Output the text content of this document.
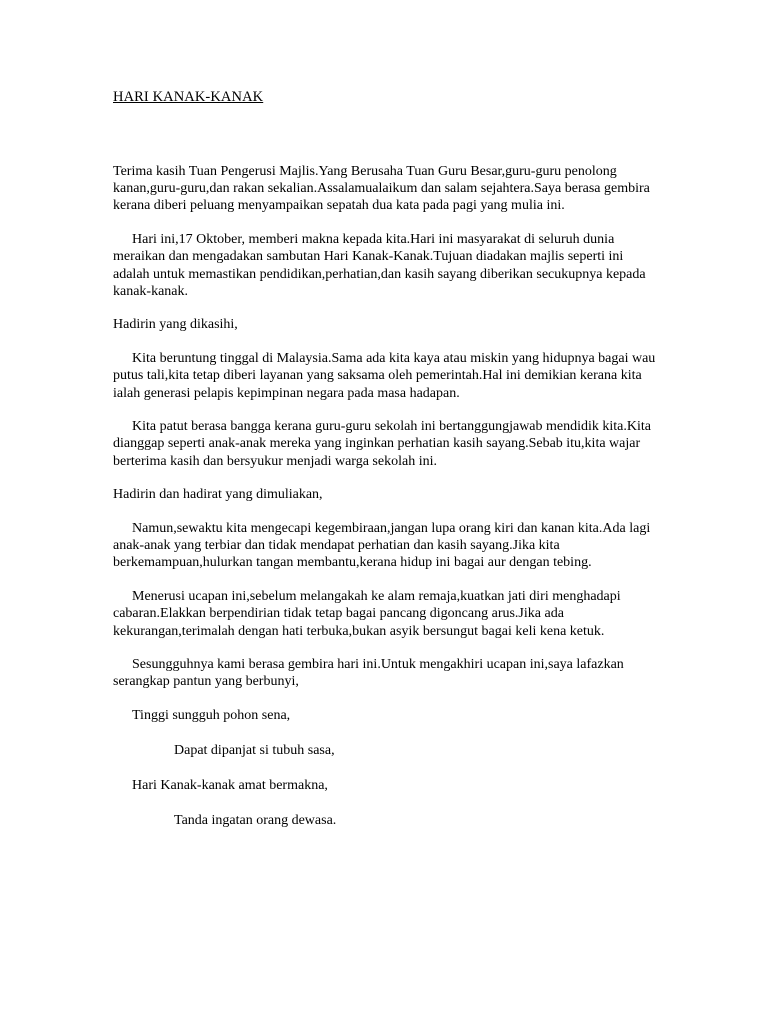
HARI KANAK-KANAK

Terima kasih Tuan Pengerusi Majlis.Yang Berusaha Tuan Guru Besar,guru-guru penolong kanan,guru-guru,dan rakan sekalian.Assalamualaikum dan salam sejahtera.Saya berasa gembira kerana diberi peluang menyampaikan sepatah dua kata pada pagi yang mulia ini.

Hari ini,17 Oktober, memberi makna kepada kita.Hari ini masyarakat di seluruh dunia meraikan dan mengadakan sambutan Hari Kanak-Kanak.Tujuan diadakan majlis seperti ini adalah untuk memastikan pendidikan,perhatian,dan kasih sayang diberikan secukupnya kepada kanak-kanak.

Hadirin yang dikasihi,

Kita beruntung tinggal di Malaysia.Sama ada kita kaya atau miskin yang hidupnya bagai wau putus tali,kita tetap diberi layanan yang saksama oleh pemerintah.Hal ini demikian kerana kita ialah generasi pelapis kepimpinan negara pada masa hadapan.

Kita patut berasa bangga kerana guru-guru sekolah ini bertanggungjawab mendidik kita.Kita dianggap seperti anak-anak mereka yang inginkan perhatian kasih sayang.Sebab itu,kita wajar berterima kasih dan bersyukur menjadi warga sekolah ini.

Hadirin dan hadirat yang dimuliakan,

Namun,sewaktu kita mengecapi kegembiraan,jangan lupa orang kiri dan kanan kita.Ada lagi anak-anak yang terbiar dan tidak mendapat perhatian dan kasih sayang.Jika kita berkemampuan,hulurkan tangan membantu,kerana hidup ini bagai aur dengan tebing.

Menerusi ucapan ini,sebelum melangakah ke alam remaja,kuatkan jati diri menghadapi cabaran.Elakkan berpendirian tidak tetap bagai pancang digoncang arus.Jika ada kekurangan,terimalah dengan hati terbuka,bukan asyik bersungut bagai keli kena ketuk.

Sesungguhnya kami berasa gembira hari ini.Untuk mengakhiri ucapan ini,saya lafazkan serangkap pantun yang berbunyi,

Tinggi sungguh pohon sena,

Dapat dipanjat si tubuh sasa,

Hari Kanak-kanak amat bermakna,

Tanda ingatan orang dewasa.
